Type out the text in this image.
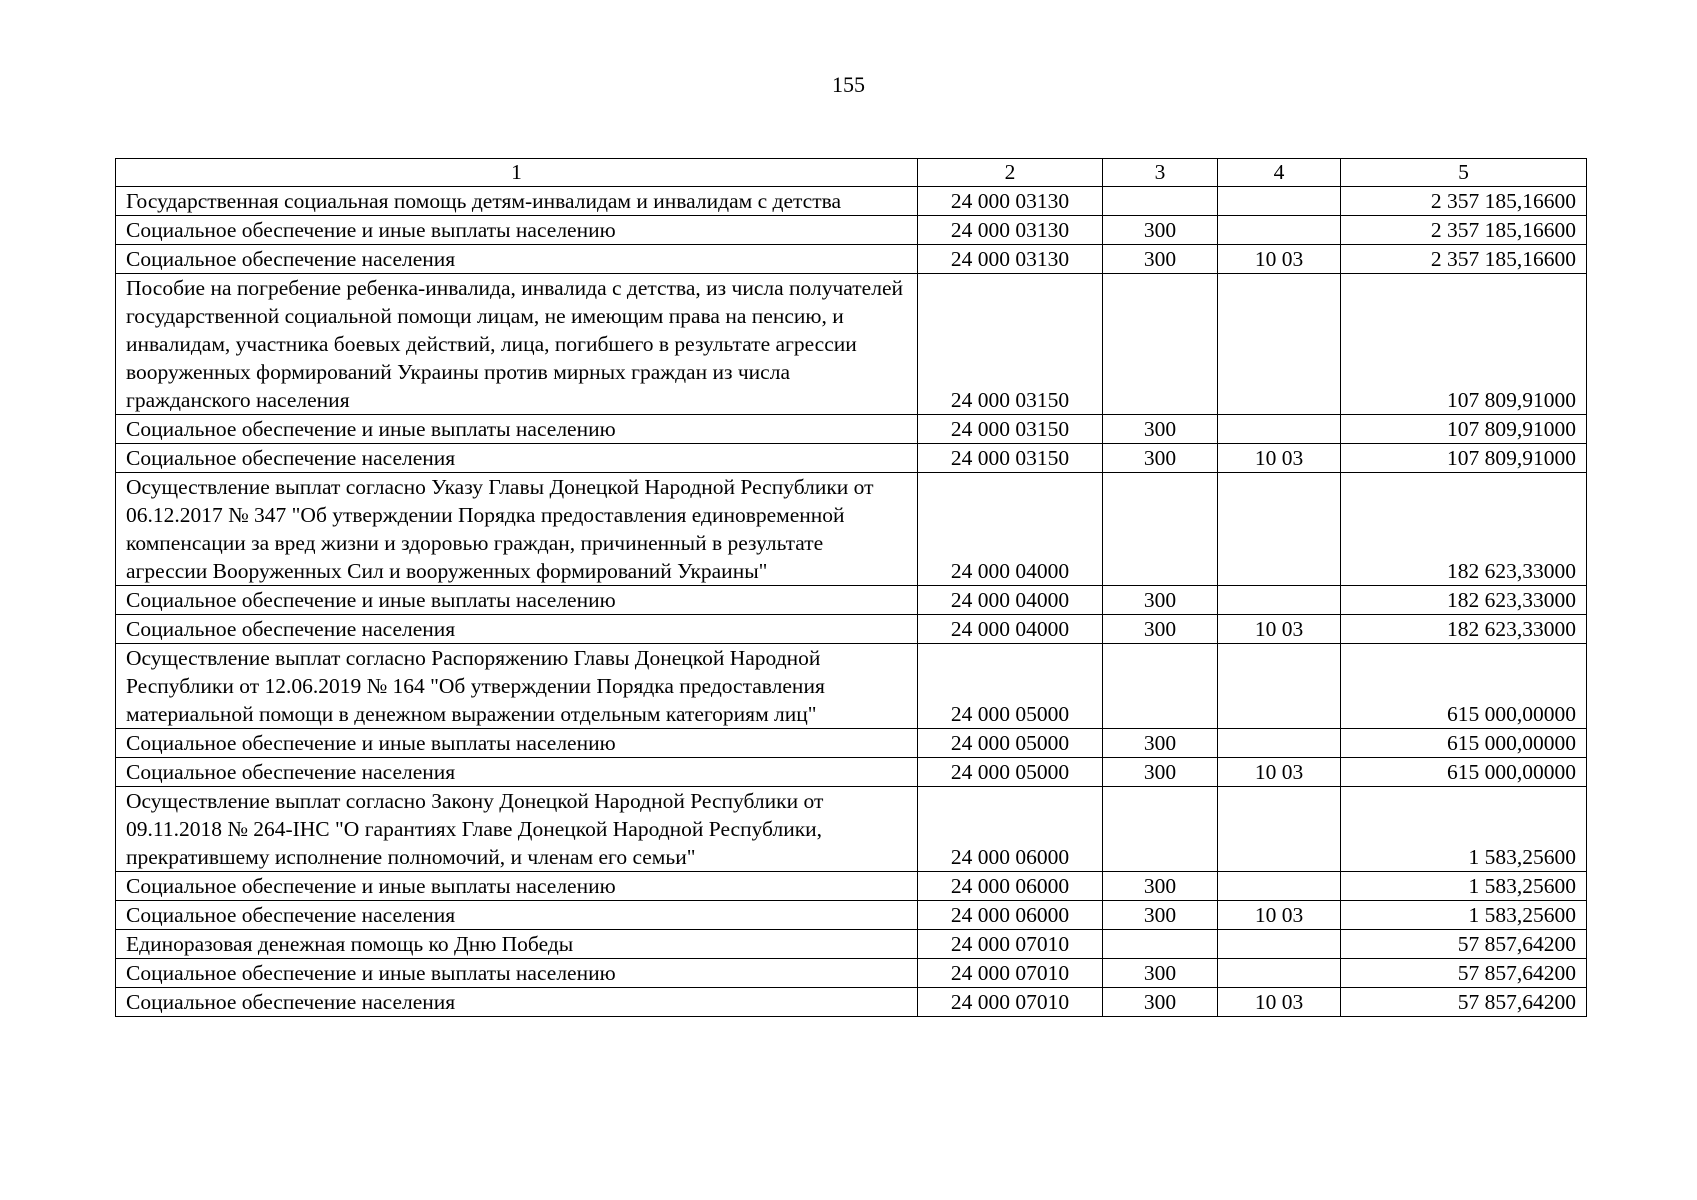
155
1	2	3	4	5
Государственная социальная помощь детям-инвалидам и инвалидам с детства	24 000 03130			2 357 185,16600
Социальное обеспечение и иные выплаты населению	24 000 03130	300		2 357 185,16600
Социальное обеспечение населения	24 000 03130	300	10 03	2 357 185,16600
Пособие на погребение ребенка-инвалида, инвалида с детства, из числа получателей государственной социальной помощи лицам, не имеющим права на пенсию, и инвалидам, участника боевых действий, лица, погибшего в результате агрессии вооруженных формирований Украины против мирных граждан из числа гражданского населения	24 000 03150			107 809,91000
Социальное обеспечение и иные выплаты населению	24 000 03150	300		107 809,91000
Социальное обеспечение населения	24 000 03150	300	10 03	107 809,91000
Осуществление выплат согласно Указу Главы Донецкой Народной Республики от 06.12.2017 № 347 "Об утверждении Порядка предоставления единовременной компенсации за вред жизни и здоровью граждан, причиненный в результате агрессии Вооруженных Сил и вооруженных формирований Украины"	24 000 04000			182 623,33000
Социальное обеспечение и иные выплаты населению	24 000 04000	300		182 623,33000
Социальное обеспечение населения	24 000 04000	300	10 03	182 623,33000
Осуществление выплат согласно Распоряжению Главы Донецкой Народной Республики от 12.06.2019 № 164 "Об утверждении Порядка предоставления материальной помощи в денежном выражении отдельным категориям лиц"	24 000 05000			615 000,00000
Социальное обеспечение и иные выплаты населению	24 000 05000	300		615 000,00000
Социальное обеспечение населения	24 000 05000	300	10 03	615 000,00000
Осуществление выплат согласно Закону Донецкой Народной Республики от 09.11.2018 № 264-IНС "О гарантиях Главе Донецкой Народной Республики, прекратившему исполнение полномочий, и членам его семьи"	24 000 06000			1 583,25600
Социальное обеспечение и иные выплаты населению	24 000 06000	300		1 583,25600
Социальное обеспечение населения	24 000 06000	300	10 03	1 583,25600
Единоразовая денежная помощь ко Дню Победы	24 000 07010			57 857,64200
Социальное обеспечение и иные выплаты населению	24 000 07010	300		57 857,64200
Социальное обеспечение населения	24 000 07010	300	10 03	57 857,64200
